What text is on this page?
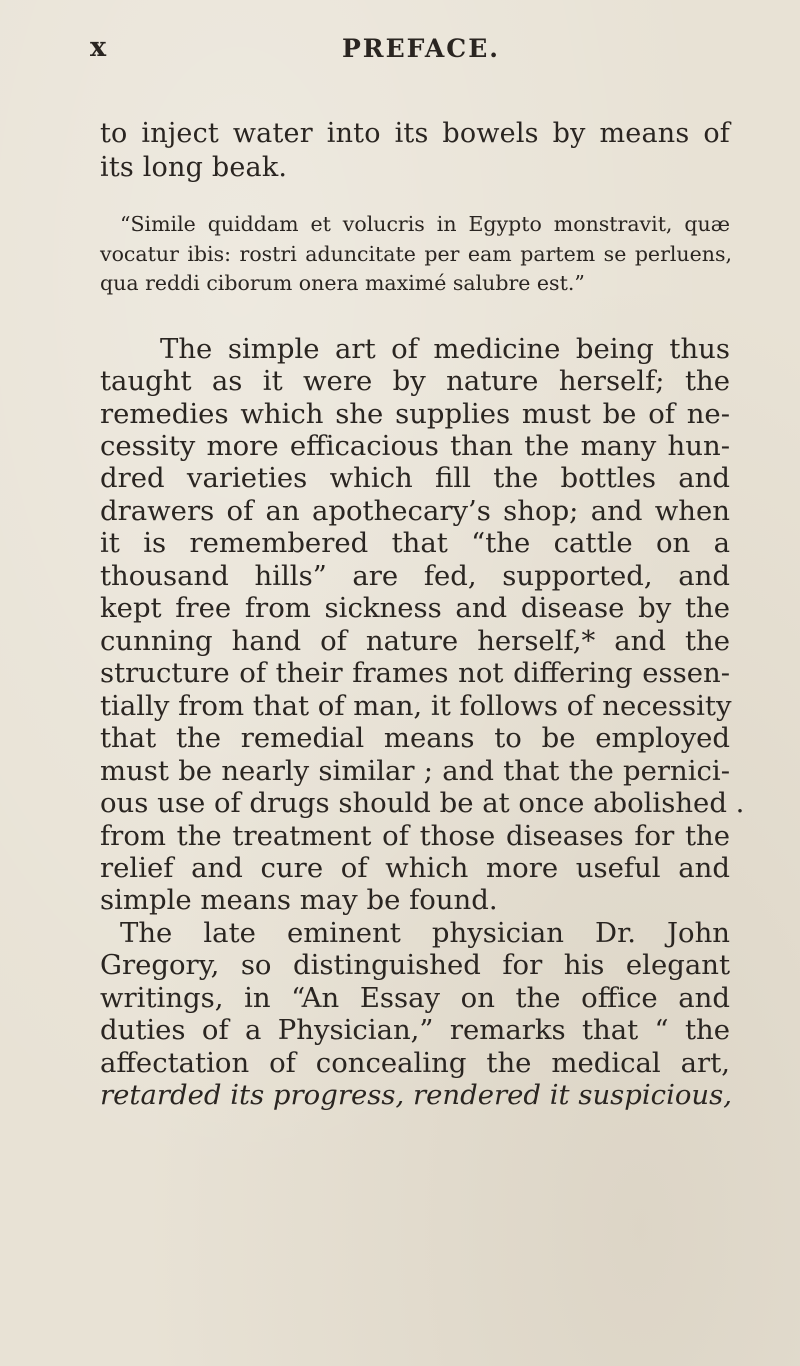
x	PREFACE.
to inject water into its bowels by means of
its long beak.
“Simile quiddam et volucris in Egypto monstravit, quæ
vocatur ibis: rostri aduncitate per eam partem se perluens,
qua reddi ciborum onera maximé salubre est.”
The simple art of medicine being thus
taught as it were by nature herself; the
remedies which she supplies must be of ne-
cessity more efficacious than the many hun-
dred varieties which fill the bottles and
drawers of an apothecary’s shop; and when
it is remembered that “the cattle on a
thousand hills” are fed, supported, and
kept free from sickness and disease by the
cunning hand of nature herself,* and the
structure of their frames not differing essen-
tially from that of man, it follows of necessity
that the remedial means to be employed
must be nearly similar ; and that the pernici-
ous use of drugs should be at once abolished .
from the treatment of those diseases for the
relief and cure of which more useful and
simple means may be found.
The late eminent physician Dr. John
Gregory, so distinguished for his elegant
writings, in “An Essay on the office and
duties of a Physician,” remarks that “ the
affectation of concealing the medical art,
retarded its progress, rendered it suspicious,
